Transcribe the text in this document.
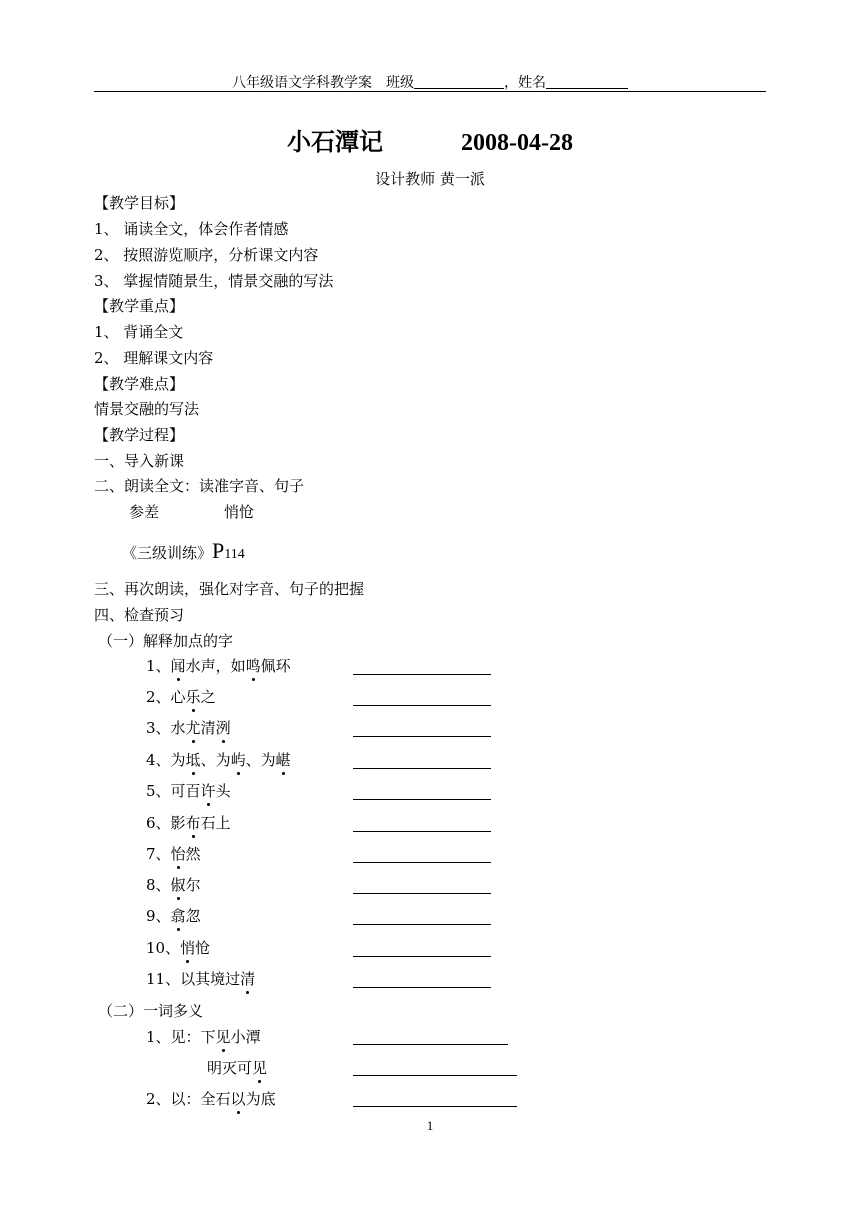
八年级语文学科教学案　班级	，姓名
小石潭记	2008-04-28
设计教师 黄一派
【教学目标】
1、 诵读全文，体会作者情感
2、 按照游览顺序，分析课文内容
3、 掌握情随景生，情景交融的写法
【教学重点】
1、 背诵全文
2、 理解课文内容
【教学难点】
情景交融的写法
【教学过程】
一、导入新课
二、朗读全文：读准字音、句子
参差	悄怆
《三级训练》P114
三、再次朗读，强化对字音、句子的把握
四、检查预习
（一）解释加点的字
1、闻水声，如鸣佩环
2、心乐之
3、水尤清洌
4、为坻、为屿、为嵁
5、可百许头
6、影布石上
7、怡然
8、俶尔
9、翕忽
10、悄怆
11、以其境过清
（二）一词多义
1、见：下见小潭
明灭可见
2、以：全石以为底
1
